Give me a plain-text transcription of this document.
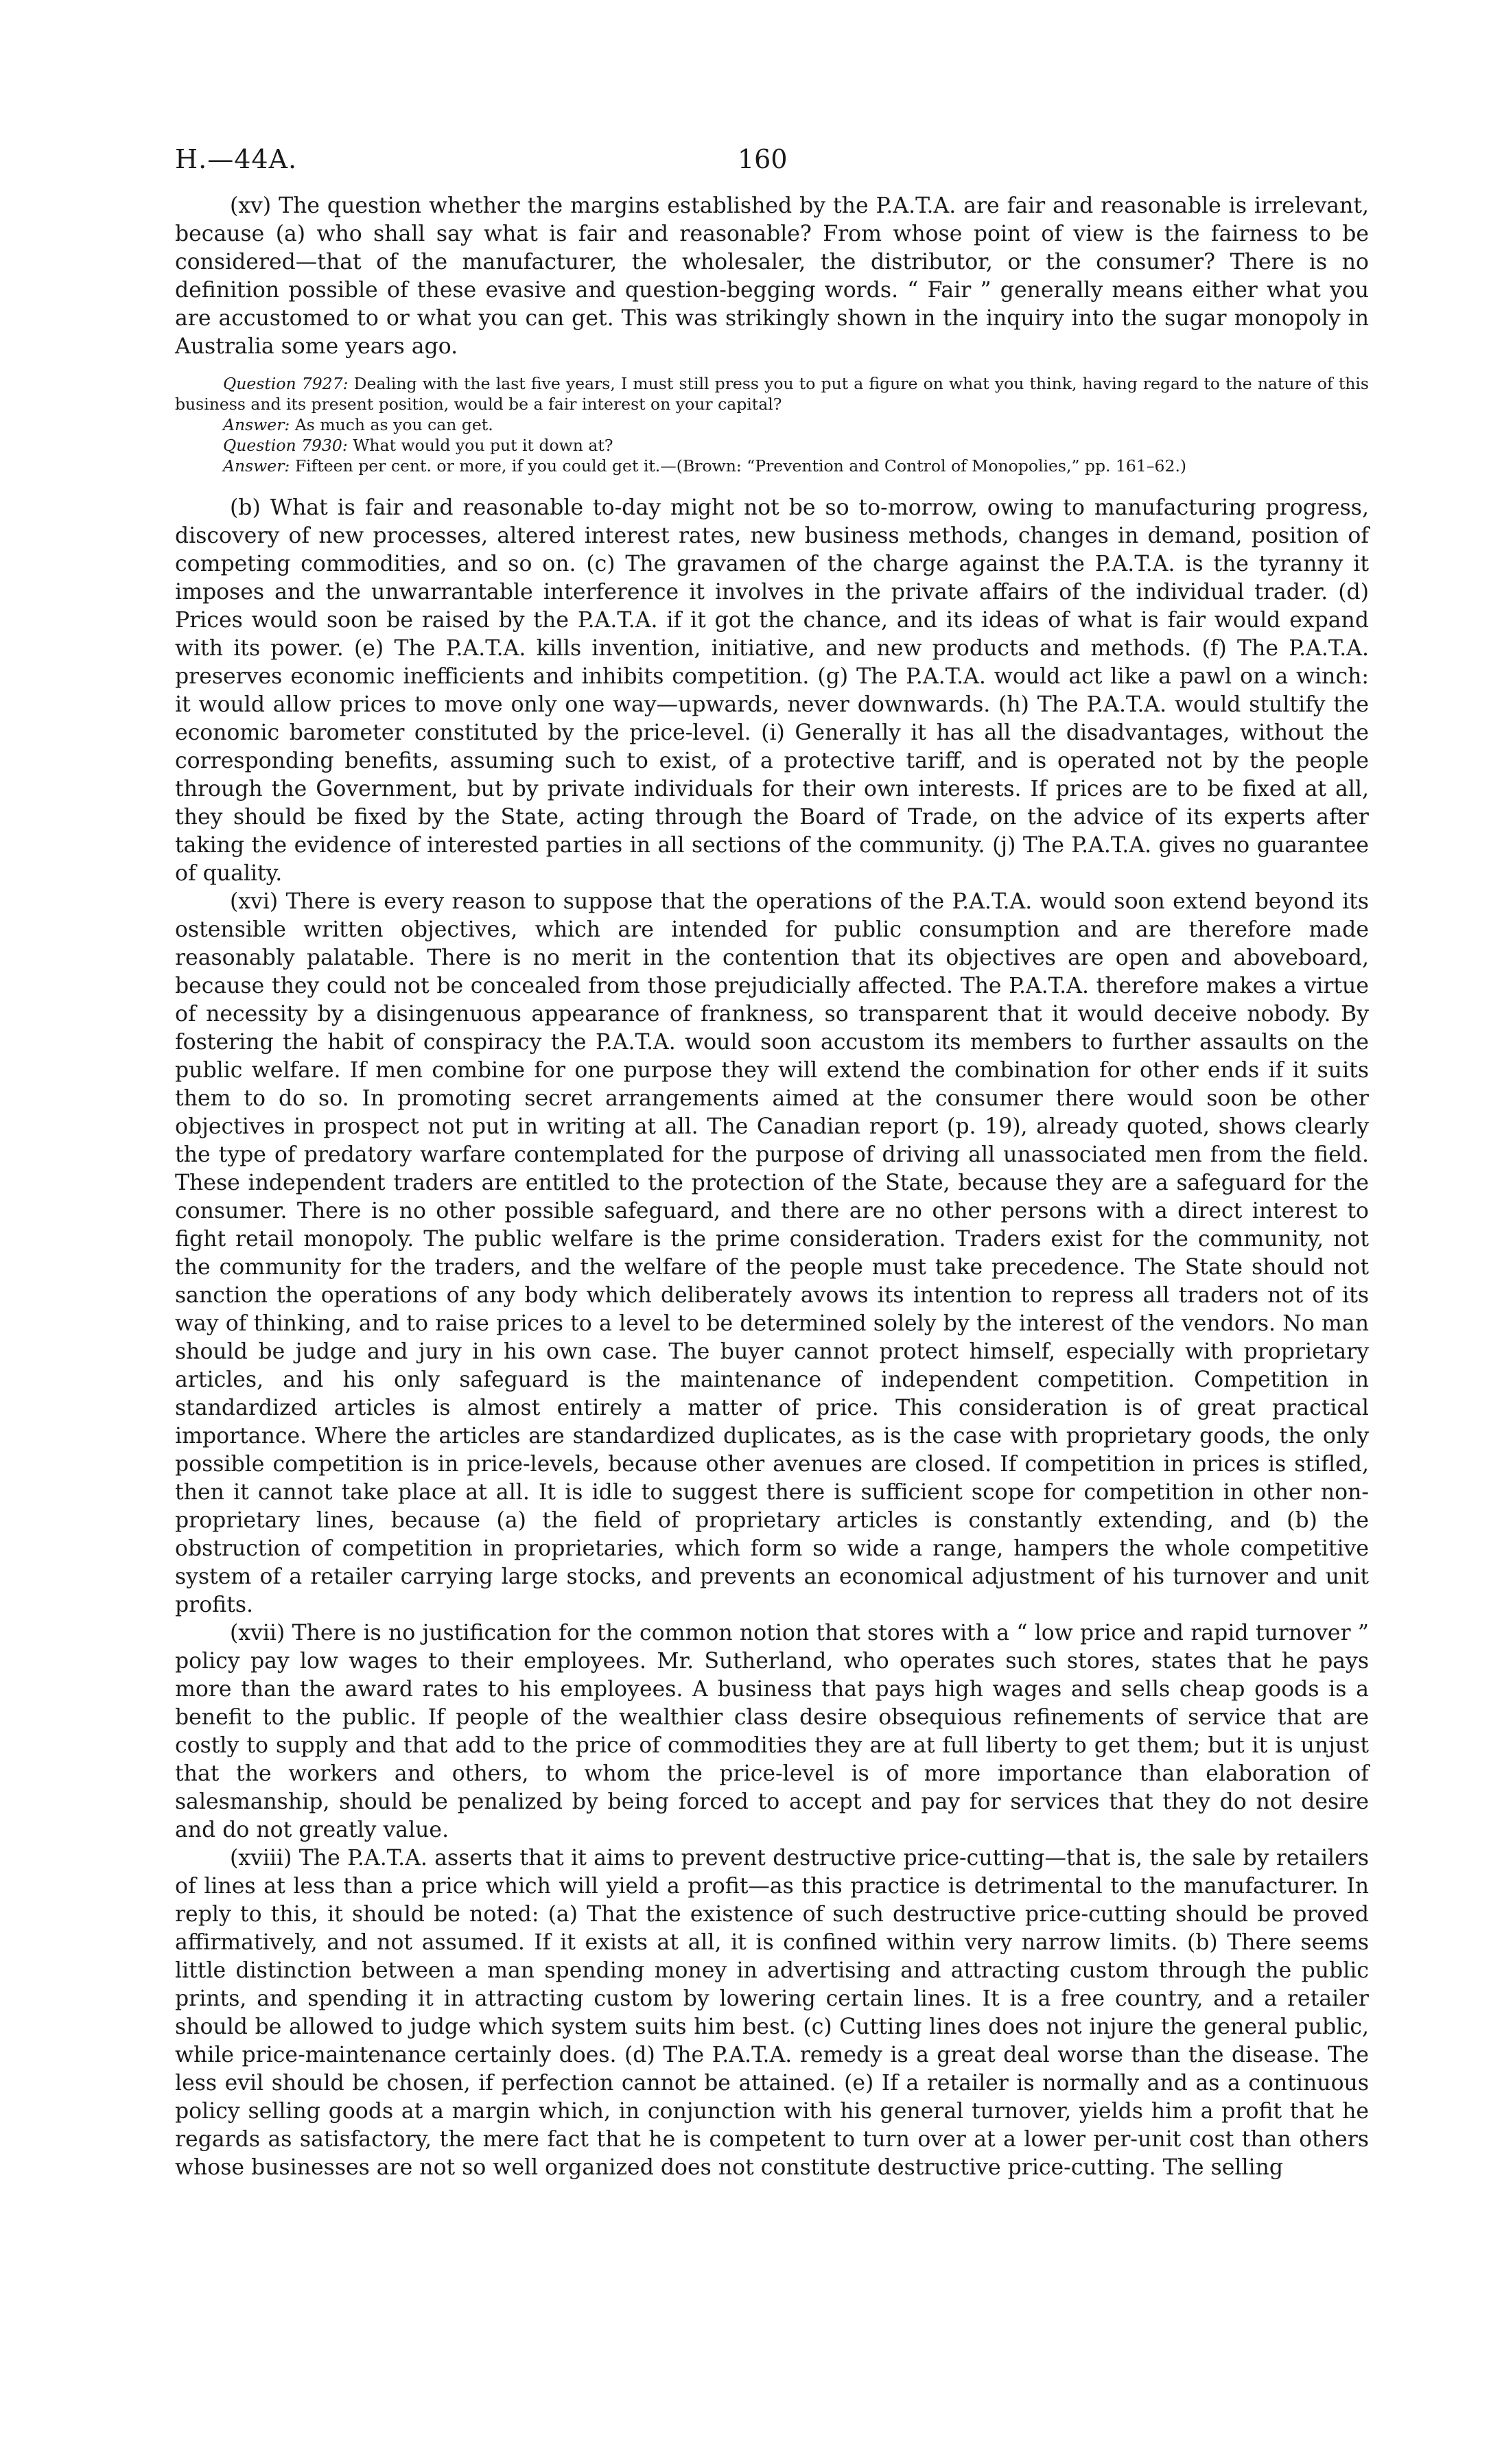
H.—44A.	160

(xv) The question whether the margins established by the P.A.T.A. are fair and reasonable is irrelevant, because (a) who shall say what is fair and reasonable? From whose point of view is the fairness to be considered—that of the manufacturer, the wholesaler, the distributor, or the consumer? There is no definition possible of these evasive and question-begging words. “ Fair ” generally means either what you are accustomed to or what you can get. This was strikingly shown in the inquiry into the sugar monopoly in Australia some years ago.

Question 7927: Dealing with the last five years, I must still press you to put a figure on what you think, having regard to the nature of this business and its present position, would be a fair interest on your capital?

Answer: As much as you can get.

Question 7930: What would you put it down at?

Answer: Fifteen per cent. or more, if you could get it.—(Brown: “Prevention and Control of Monopolies,” pp. 161–62.)

(b) What is fair and reasonable to-day might not be so to-morrow, owing to manufacturing progress, discovery of new processes, altered interest rates, new business methods, changes in demand, position of competing commodities, and so on. (c) The gravamen of the charge against the P.A.T.A. is the tyranny it imposes and the unwarrantable interference it involves in the private affairs of the individual trader. (d) Prices would soon be raised by the P.A.T.A. if it got the chance, and its ideas of what is fair would expand with its power. (e) The P.A.T.A. kills invention, initiative, and new products and methods. (f) The P.A.T.A. preserves economic inefficients and inhibits competition. (g) The P.A.T.A. would act like a pawl on a winch: it would allow prices to move only one way—upwards, never downwards. (h) The P.A.T.A. would stultify the economic barometer constituted by the price-level. (i) Generally it has all the disadvantages, without the corresponding benefits, assuming such to exist, of a protective tariff, and is operated not by the people through the Government, but by private individuals for their own interests. If prices are to be fixed at all, they should be fixed by the State, acting through the Board of Trade, on the advice of its experts after taking the evidence of interested parties in all sections of the community. (j) The P.A.T.A. gives no guarantee of quality.

(xvi) There is every reason to suppose that the operations of the P.A.T.A. would soon extend beyond its ostensible written objectives, which are intended for public consumption and are therefore made reasonably palatable. There is no merit in the contention that its objectives are open and aboveboard, because they could not be concealed from those prejudicially affected. The P.A.T.A. therefore makes a virtue of necessity by a disingenuous appearance of frankness, so transparent that it would deceive nobody. By fostering the habit of conspiracy the P.A.T.A. would soon accustom its members to further assaults on the public welfare. If men combine for one purpose they will extend the combination for other ends if it suits them to do so. In promoting secret arrangements aimed at the consumer there would soon be other objectives in prospect not put in writing at all. The Canadian report (p. 19), already quoted, shows clearly the type of predatory warfare contemplated for the purpose of driving all unassociated men from the field. These independent traders are entitled to the protection of the State, because they are a safeguard for the consumer. There is no other possible safeguard, and there are no other persons with a direct interest to fight retail monopoly. The public welfare is the prime consideration. Traders exist for the community, not the community for the traders, and the welfare of the people must take precedence. The State should not sanction the operations of any body which deliberately avows its intention to repress all traders not of its way of thinking, and to raise prices to a level to be determined solely by the interest of the vendors. No man should be judge and jury in his own case. The buyer cannot protect himself, especially with proprietary articles, and his only safeguard is the maintenance of independent competition. Competition in standardized articles is almost entirely a matter of price. This consideration is of great practical importance. Where the articles are standardized duplicates, as is the case with proprietary goods, the only possible competition is in price-levels, because other avenues are closed. If competition in prices is stifled, then it cannot take place at all. It is idle to suggest there is sufficient scope for competition in other non-proprietary lines, because (a) the field of proprietary articles is constantly extending, and (b) the obstruction of competition in proprietaries, which form so wide a range, hampers the whole competitive system of a retailer carrying large stocks, and prevents an economical adjustment of his turnover and unit profits.

(xvii) There is no justification for the common notion that stores with a “ low price and rapid turnover ” policy pay low wages to their employees. Mr. Sutherland, who operates such stores, states that he pays more than the award rates to his employees. A business that pays high wages and sells cheap goods is a benefit to the public. If people of the wealthier class desire obsequious refinements of service that are costly to supply and that add to the price of commodities they are at full liberty to get them; but it is unjust that the workers and others, to whom the price-level is of more importance than elaboration of salesmanship, should be penalized by being forced to accept and pay for services that they do not desire and do not greatly value.

(xviii) The P.A.T.A. asserts that it aims to prevent destructive price-cutting—that is, the sale by retailers of lines at less than a price which will yield a profit—as this practice is detrimental to the manufacturer. In reply to this, it should be noted: (a) That the existence of such destructive price-cutting should be proved affirmatively, and not assumed. If it exists at all, it is confined within very narrow limits. (b) There seems little distinction between a man spending money in advertising and attracting custom through the public prints, and spending it in attracting custom by lowering certain lines. It is a free country, and a retailer should be allowed to judge which system suits him best. (c) Cutting lines does not injure the general public, while price-maintenance certainly does. (d) The P.A.T.A. remedy is a great deal worse than the disease. The less evil should be chosen, if perfection cannot be attained. (e) If a retailer is normally and as a continuous policy selling goods at a margin which, in conjunction with his general turnover, yields him a profit that he regards as satisfactory, the mere fact that he is competent to turn over at a lower per-unit cost than others whose businesses are not so well organized does not constitute destructive price-cutting. The selling
